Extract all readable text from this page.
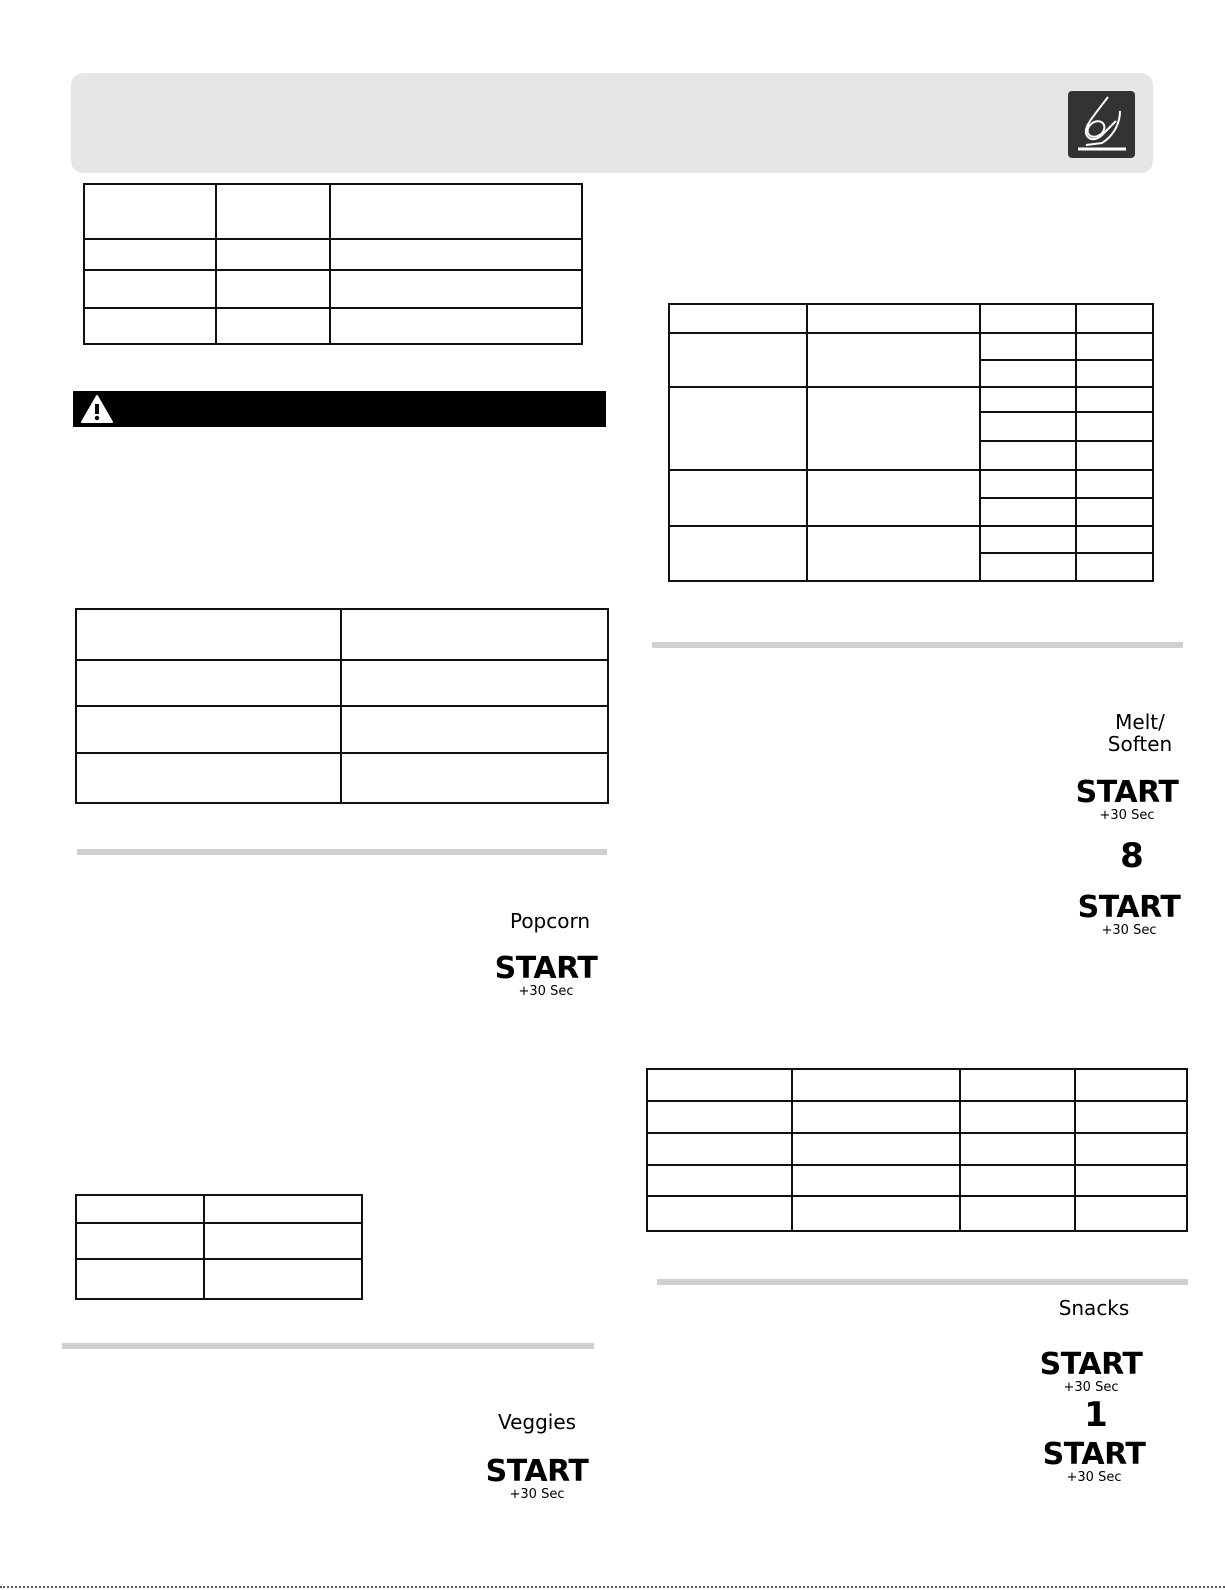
Popcorn
START
+30 Sec

Veggies
START
+30 Sec

Melt/
Soften
START
+30 Sec
8
START
+30 Sec

Snacks
START
+30 Sec
1
START
+30 Sec
